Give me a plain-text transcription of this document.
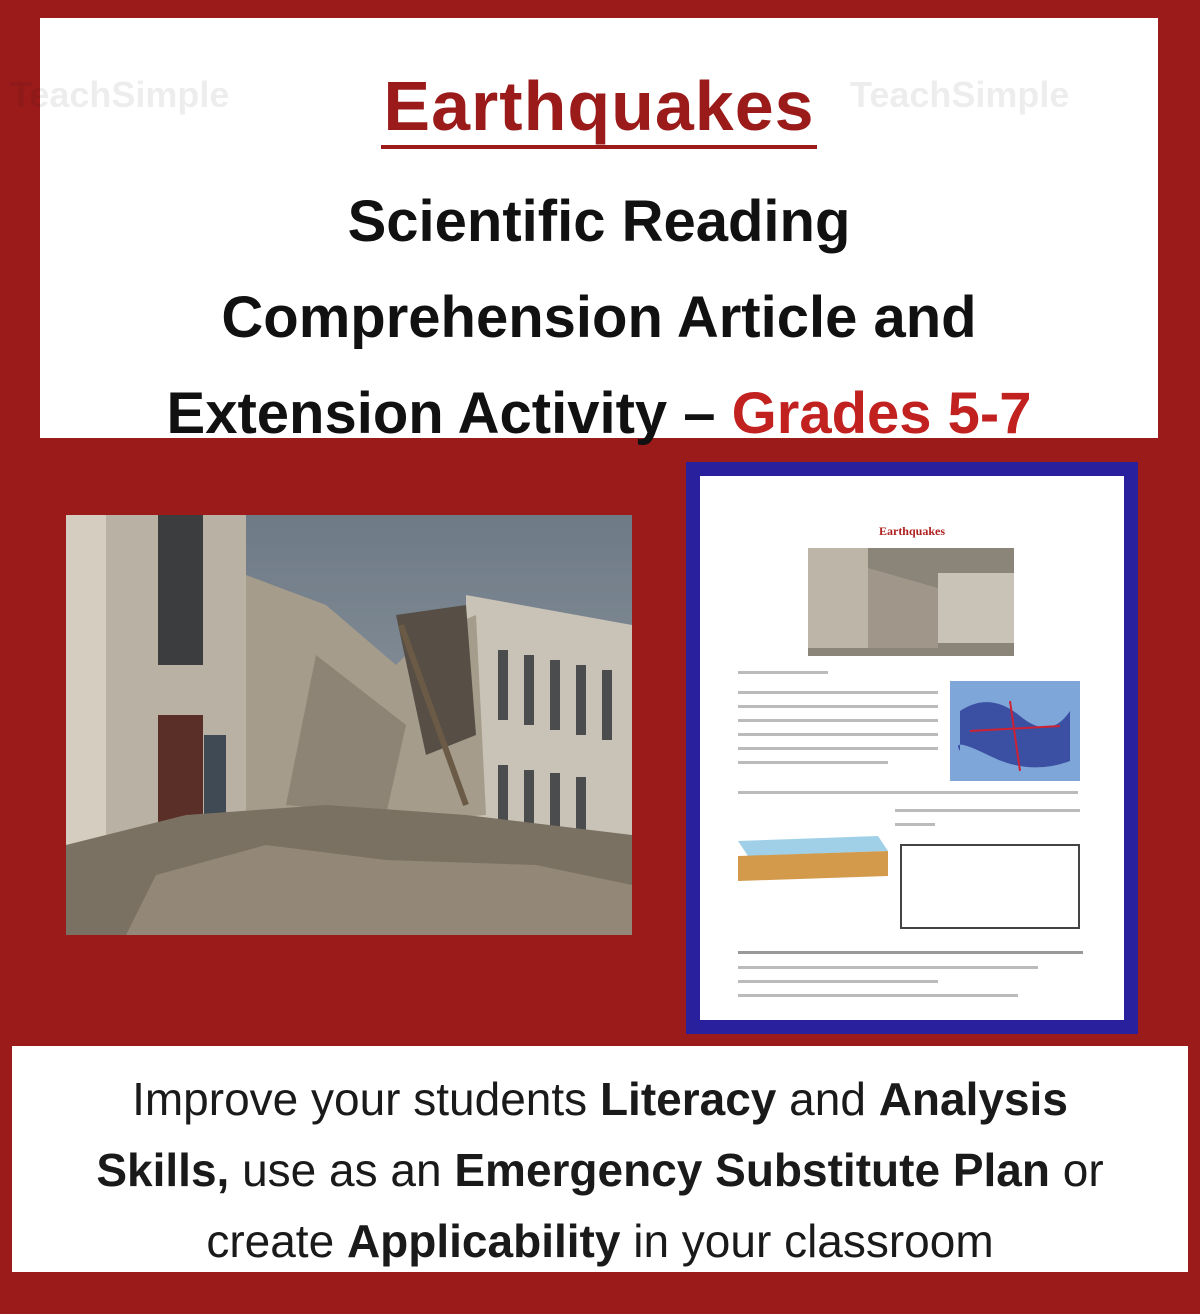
TeachSimple	TeachSimple
Earthquakes
Scientific Reading
Comprehension Article and
Extension Activity – Grades 5-7
Earthquakes
Improve your students Literacy and Analysis
Skills, use as an Emergency Substitute Plan or
create Applicability in your classroom
